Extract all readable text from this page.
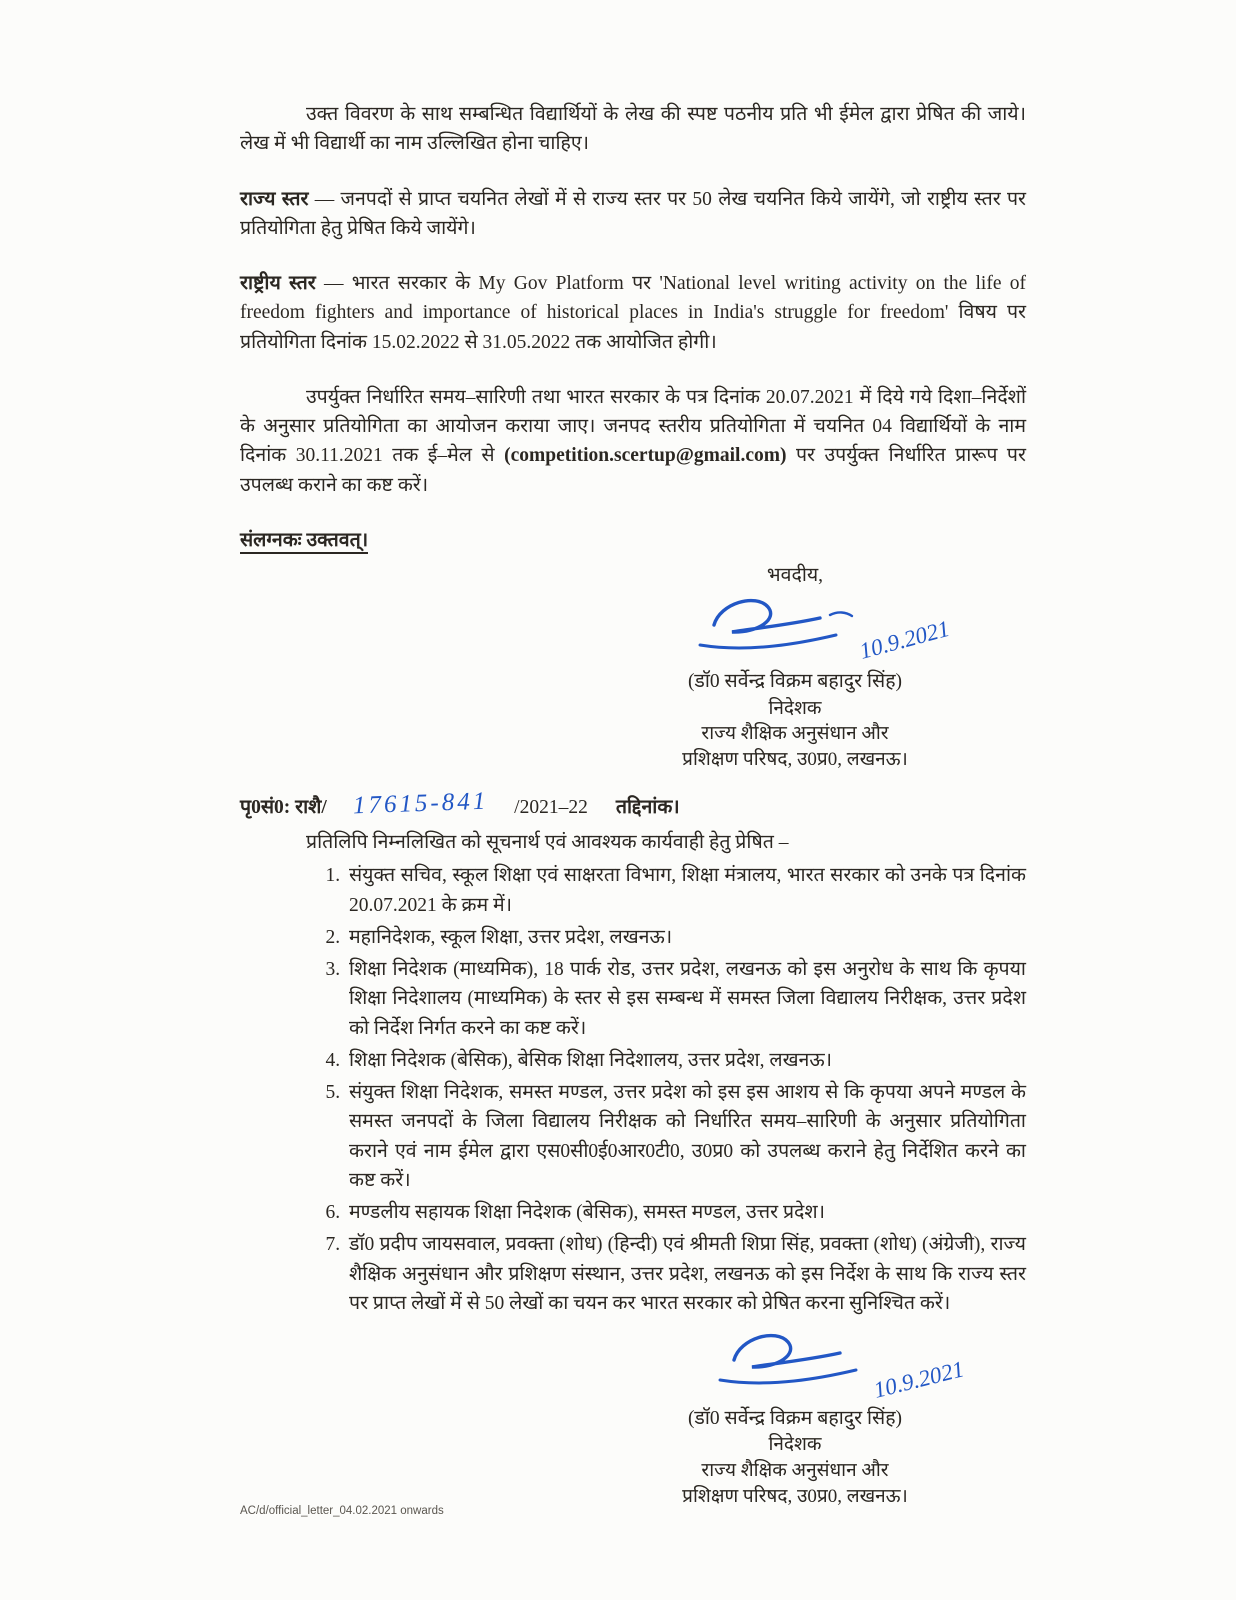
उक्त विवरण के साथ सम्बन्धित विद्यार्थियों के लेख की स्पष्ट पठनीय प्रति भी ईमेल द्वारा प्रेषित की जाये। लेख में भी विद्यार्थी का नाम उल्लिखित होना चाहिए।

राज्य स्तर — जनपदों से प्राप्त चयनित लेखों में से राज्य स्तर पर 50 लेख चयनित किये जायेंगे, जो राष्ट्रीय स्तर पर प्रतियोगिता हेतु प्रेषित किये जायेंगे।

राष्ट्रीय स्तर — भारत सरकार के My Gov Platform पर 'National level writing activity on the life of freedom fighters and importance of historical places in India's struggle for freedom' विषय पर प्रतियोगिता दिनांक 15.02.2022 से 31.05.2022 तक आयोजित होगी।

उपर्युक्त निर्धारित समय–सारिणी तथा भारत सरकार के पत्र दिनांक 20.07.2021 में दिये गये दिशा–निर्देशों के अनुसार प्रतियोगिता का आयोजन कराया जाए। जनपद स्तरीय प्रतियोगिता में चयनित 04 विद्यार्थियों के नाम दिनांक 30.11.2021 तक ई–मेल से (competition.scertup@gmail.com) पर उपर्युक्त निर्धारित प्रारूप पर उपलब्ध कराने का कष्ट करें।

संलग्नकः उक्तवत्।

भवदीय,
10.9.2021
(डॉ0 सर्वेन्द्र विक्रम बहादुर सिंह)
निदेशक
राज्य शैक्षिक अनुसंधान और
प्रशिक्षण परिषद, उ0प्र0, लखनऊ।
पृ0सं0: राशै/ 17615-841 /2021–22 तद्दिनांक।
प्रतिलिपि निम्नलिखित को सूचनार्थ एवं आवश्यक कार्यवाही हेतु प्रेषित –
1. संयुक्त सचिव, स्कूल शिक्षा एवं साक्षरता विभाग, शिक्षा मंत्रालय, भारत सरकार को उनके पत्र दिनांक 20.07.2021 के क्रम में।
2. महानिदेशक, स्कूल शिक्षा, उत्तर प्रदेश, लखनऊ।
3. शिक्षा निदेशक (माध्यमिक), 18 पार्क रोड, उत्तर प्रदेश, लखनऊ को इस अनुरोध के साथ कि कृपया शिक्षा निदेशालय (माध्यमिक) के स्तर से इस सम्बन्ध में समस्त जिला विद्यालय निरीक्षक, उत्तर प्रदेश को निर्देश निर्गत करने का कष्ट करें।
4. शिक्षा निदेशक (बेसिक), बेसिक शिक्षा निदेशालय, उत्तर प्रदेश, लखनऊ।
5. संयुक्त शिक्षा निदेशक, समस्त मण्डल, उत्तर प्रदेश को इस इस आशय से कि कृपया अपने मण्डल के समस्त जनपदों के जिला विद्यालय निरीक्षक को निर्धारित समय–सारिणी के अनुसार प्रतियोगिता कराने एवं नाम ईमेल द्वारा एस0सी0ई0आर0टी0, उ0प्र0 को उपलब्ध कराने हेतु निर्देशित करने का कष्ट करें।
6. मण्डलीय सहायक शिक्षा निदेशक (बेसिक), समस्त मण्डल, उत्तर प्रदेश।
7. डॉ0 प्रदीप जायसवाल, प्रवक्ता (शोध) (हिन्दी) एवं श्रीमती शिप्रा सिंह, प्रवक्ता (शोध) (अंग्रेजी), राज्य शैक्षिक अनुसंधान और प्रशिक्षण संस्थान, उत्तर प्रदेश, लखनऊ को इस निर्देश के साथ कि राज्य स्तर पर प्राप्त लेखों में से 50 लेखों का चयन कर भारत सरकार को प्रेषित करना सुनिश्चित करें।
10.9.2021
(डॉ0 सर्वेन्द्र विक्रम बहादुर सिंह)
निदेशक
राज्य शैक्षिक अनुसंधान और
प्रशिक्षण परिषद, उ0प्र0, लखनऊ।
AC/d/official_letter_04.02.2021 onwards
